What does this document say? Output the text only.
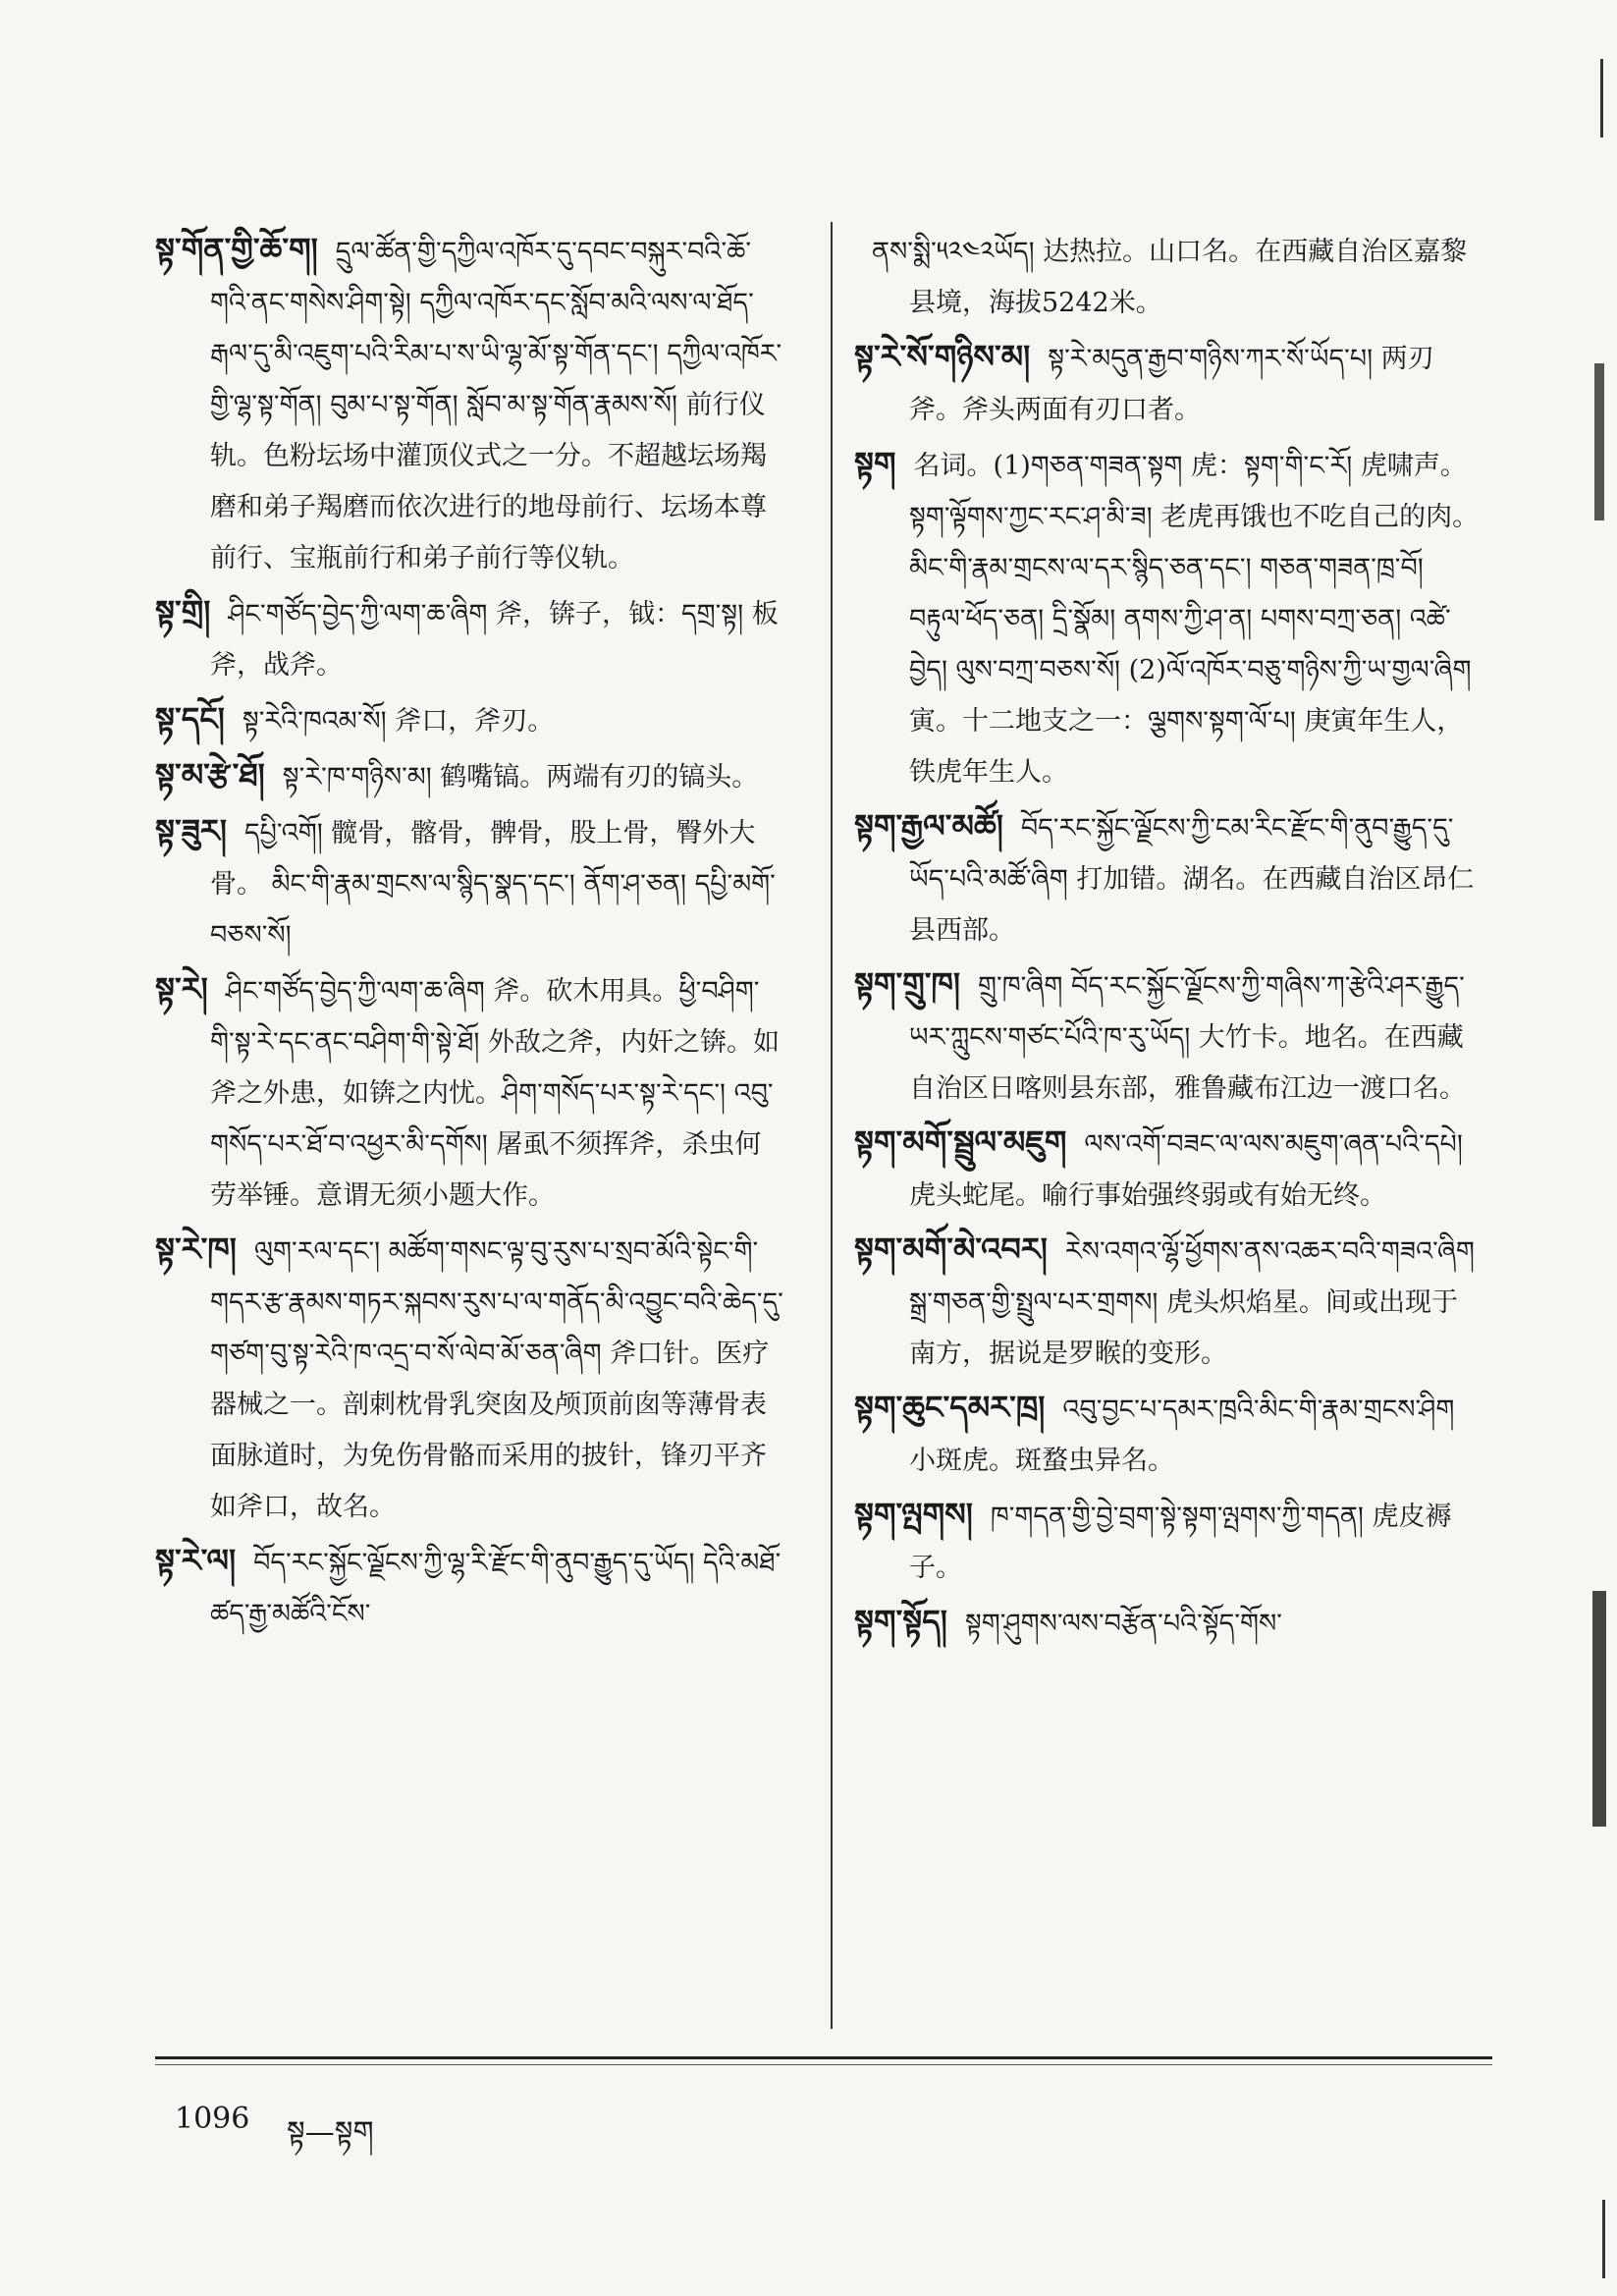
སྟ་གོན་གྱི་ཆོ་ག། དྲུལ་ཚོན་གྱི་དཀྱིལ་འཁོར་དུ་དབང་བསྐུར་བའི་ཆོ་གའི་ནང་གསེས་ཤིག་སྟེ། དཀྱིལ་འཁོར་དང་སློབ་མའི་ལས་ལ་ཐོད་རྒལ་དུ་མི་འཇུག་པའི་རིམ་པ་ས་ཡི་ལྷ་མོ་སྟ་གོན་དང་། དཀྱིལ་འཁོར་གྱི་ལྷ་སྟ་གོན། བུམ་པ་སྟ་གོན། སློབ་མ་སྟ་གོན་རྣམས་སོ། 前行仪轨。色粉坛场中灌顶仪式之一分。不超越坛场羯磨和弟子羯磨而依次进行的地母前行、坛场本尊前行、宝瓶前行和弟子前行等仪轨。

སྟ་གྲི། ཤིང་གཙོད་བྱེད་ཀྱི་ལག་ཆ་ཞིག 斧，锛子，钺：དགྲ་སྟ། 板斧，战斧。

སྟ་དངོ། སྟ་རེའི་ཁའམ་སོ། 斧口，斧刃。

སྟ་མ་རྩེ་ཐོ། སྟ་རེ་ཁ་གཉིས་མ། 鹤嘴镐。两端有刃的镐头。

སྟ་ཟུར། དཔྱི་འགོ། 髋骨，髂骨，髀骨，股上骨，臀外大骨。 མིང་གི་རྣམ་གྲངས་ལ་སྙིད་སྣད་དང་། ནོག་ཤ་ཅན། དཔྱི་མགོ་བཅས་སོ།

སྟ་རེ། ཤིང་གཙོད་བྱེད་ཀྱི་ལག་ཆ་ཞིག 斧。砍木用具。ཕྱི་བཤིག་གི་སྟ་རེ་དང་ནང་བཤིག་གི་སྟེ་ཐོ། 外敌之斧，内奸之锛。如斧之外患，如锛之内忧。ཤིག་གསོད་པར་སྟ་རེ་དང་། འབུ་གསོད་པར་ཐོ་བ་འཕྱར་མི་དགོས། 屠虱不须挥斧，杀虫何劳举锤。意谓无须小题大作。

སྟ་རེ་ཁ། ལུག་རལ་དང་། མཚོག་གསང་ལྟ་བུ་རུས་པ་སྲབ་མོའི་སྟེང་གི་གདར་རྩ་རྣམས་གཏར་སྐབས་རུས་པ་ལ་གནོད་མི་འབྱུང་བའི་ཆེད་དུ་གཙག་བུ་སྟ་རེའི་ཁ་འདྲ་བ་སོ་ལེབ་མོ་ཅན་ཞིག 斧口针。医疗器械之一。剖刺枕骨乳突囱及颅顶前囱等薄骨表面脉道时，为免伤骨骼而采用的披针，锋刃平齐如斧口，故名。

སྟ་རེ་ལ། བོད་རང་སྐྱོང་ལྗོངས་ཀྱི་ལྷ་རི་རྫོང་གི་ནུབ་རྒྱུད་དུ་ཡོད། དེའི་མཐོ་ཚད་རྒྱ་མཚོའི་ངོས་

ནས་སྨི་༥༢༤༢ཡོད། 达热拉。山口名。在西藏自治区嘉黎县境，海拔5242米。

སྟ་རེ་སོ་གཉིས་མ། སྟ་རེ་མདུན་རྒྱབ་གཉིས་ཀར་སོ་ཡོད་པ། 两刃斧。斧头两面有刃口者。

སྟག 名词。(1)གཅན་གཟན་སྟག 虎：སྟག་གི་ང་རོ། 虎啸声。སྟག་ལྟོགས་ཀྱང་རང་ཤ་མི་ཟ། 老虎再饿也不吃自己的肉。མིང་གི་རྣམ་གྲངས་ལ་དར་སྙིད་ཅན་དང་། གཅན་གཟན་ཁྲ་བོ། བརྟུལ་ཕོད་ཅན། དྲི་སྣོམ། ནགས་ཀྱི་ཤ་ན། པགས་བཀྲ་ཅན། འཚེ་བྱེད། ལུས་བཀྲ་བཅས་སོ། (2)ལོ་འཁོར་བཅུ་གཉིས་ཀྱི་ཡ་གྱལ་ཞིག 寅。十二地支之一：ལྕགས་སྟག་ལོ་པ། 庚寅年生人，铁虎年生人。

སྟག་རྒྱལ་མཚོ། བོད་རང་སྐྱོང་ལྗོངས་ཀྱི་ངམ་རིང་རྫོང་གི་ནུབ་རྒྱུད་དུ་ཡོད་པའི་མཚོ་ཞིག 打加错。湖名。在西藏自治区昂仁县西部。

སྟག་གྲུ་ཁ། གྲུ་ཁ་ཞིག བོད་རང་སྐྱོང་ལྗོངས་ཀྱི་གཞིས་ཀ་རྩེའི་ཤར་རྒྱུད་ཡར་ཀླུངས་གཙང་པོའི་ཁ་རུ་ཡོད། 大竹卡。地名。在西藏自治区日喀则县东部，雅鲁藏布江边一渡口名。

སྟག་མགོ་སྦྲུལ་མཇུག ལས་འགོ་བཟང་ལ་ལས་མཇུག་ཞན་པའི་དཔེ། 虎头蛇尾。喻行事始强终弱或有始无终。

སྟག་མགོ་མེ་འབར། རེས་འགའ་ལྷོ་ཕྱོགས་ནས་འཆར་བའི་གཟའ་ཞིག སྒྲ་གཅན་གྱི་སྤྲུལ་པར་གྲགས། 虎头炽焰星。间或出现于南方，据说是罗睺的变形。

སྟག་ཆུང་དམར་ཁྲ། འབུ་བྱང་པ་དམར་ཁྲའི་མིང་གི་རྣམ་གྲངས་ཤིག 小斑虎。斑蝥虫异名。

སྟག་ལྤགས། ཁ་གདན་གྱི་བྱེ་བྲག་སྟེ་སྟག་ལྤགས་ཀྱི་གདན། 虎皮褥子。

སྟག་སྟོད། སྟག་ཤུགས་ལས་བརྩོན་པའི་སྟོད་གོས་

1096 སྟ—སྟག
